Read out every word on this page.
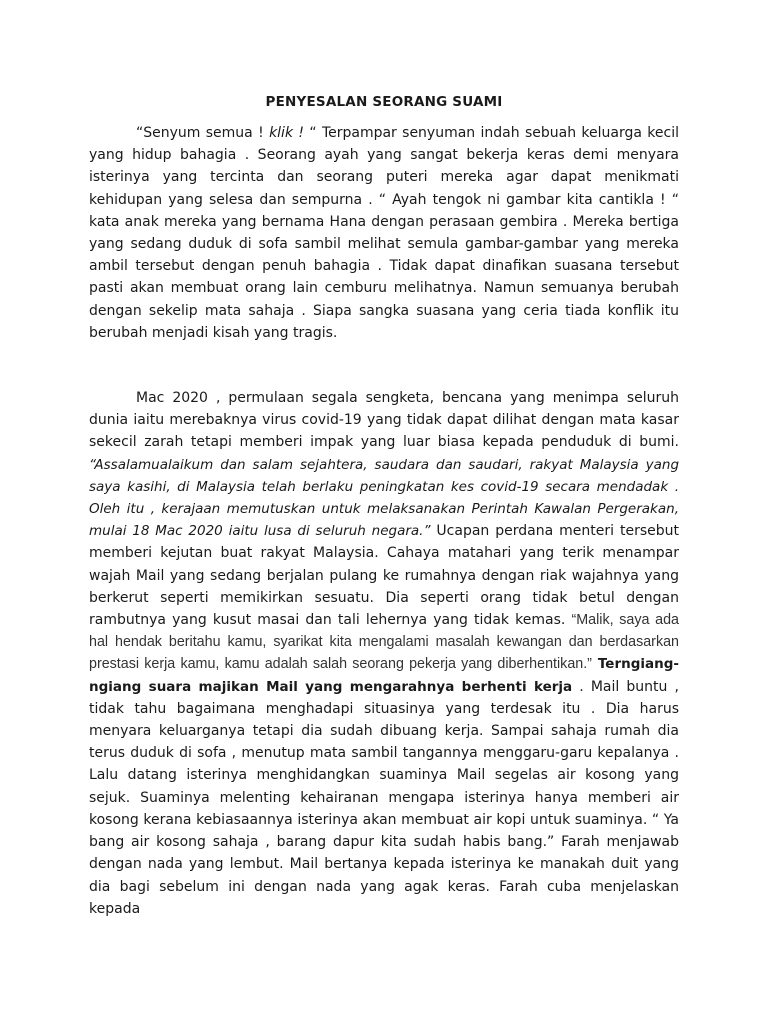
PENYESALAN SEORANG SUAMI

“Senyum semua ! klik ! “ Terpampar senyuman indah sebuah keluarga kecil yang hidup bahagia . Seorang ayah yang sangat bekerja keras demi menyara isterinya yang tercinta dan seorang puteri mereka agar dapat menikmati kehidupan yang selesa dan sempurna . “ Ayah tengok ni gambar kita cantikla ! “ kata anak mereka yang bernama Hana dengan perasaan gembira . Mereka bertiga yang sedang duduk di sofa sambil melihat semula gambar-gambar yang mereka ambil tersebut dengan penuh bahagia . Tidak dapat dinafikan suasana tersebut pasti akan membuat orang lain cemburu melihatnya. Namun semuanya berubah dengan sekelip mata sahaja . Siapa sangka suasana yang ceria tiada konflik itu berubah menjadi kisah yang tragis.

Mac 2020 , permulaan segala sengketa, bencana yang menimpa seluruh dunia iaitu merebaknya virus covid-19 yang tidak dapat dilihat dengan mata kasar sekecil zarah tetapi memberi impak yang luar biasa kepada penduduk di bumi. “Assalamualaikum dan salam sejahtera, saudara dan saudari, rakyat Malaysia yang saya kasihi, di Malaysia telah berlaku peningkatan kes covid-19 secara mendadak . Oleh itu , kerajaan memutuskan untuk melaksanakan Perintah Kawalan Pergerakan, mulai 18 Mac 2020 iaitu lusa di seluruh negara.” Ucapan perdana menteri tersebut memberi kejutan buat rakyat Malaysia. Cahaya matahari yang terik menampar wajah Mail yang sedang berjalan pulang ke rumahnya dengan riak wajahnya yang berkerut seperti memikirkan sesuatu. Dia seperti orang tidak betul dengan rambutnya yang kusut masai dan tali lehernya yang tidak kemas. “Malik, saya ada hal hendak beritahu kamu, syarikat kita mengalami masalah kewangan dan berdasarkan prestasi kerja kamu, kamu adalah salah seorang pekerja yang diberhentikan.” Terngiang-ngiang suara majikan Mail yang mengarahnya berhenti kerja . Mail buntu , tidak tahu bagaimana menghadapi situasinya yang terdesak itu . Dia harus menyara keluarganya tetapi dia sudah dibuang kerja. Sampai sahaja rumah dia terus duduk di sofa , menutup mata sambil tangannya menggaru-garu kepalanya . Lalu datang isterinya menghidangkan suaminya Mail segelas air kosong yang sejuk. Suaminya melenting kehairanan mengapa isterinya hanya memberi air kosong kerana kebiasaannya isterinya akan membuat air kopi untuk suaminya. “ Ya bang air kosong sahaja , barang dapur kita sudah habis bang.” Farah menjawab dengan nada yang lembut. Mail bertanya kepada isterinya ke manakah duit yang dia bagi sebelum ini dengan nada yang agak keras. Farah cuba menjelaskan kepada
